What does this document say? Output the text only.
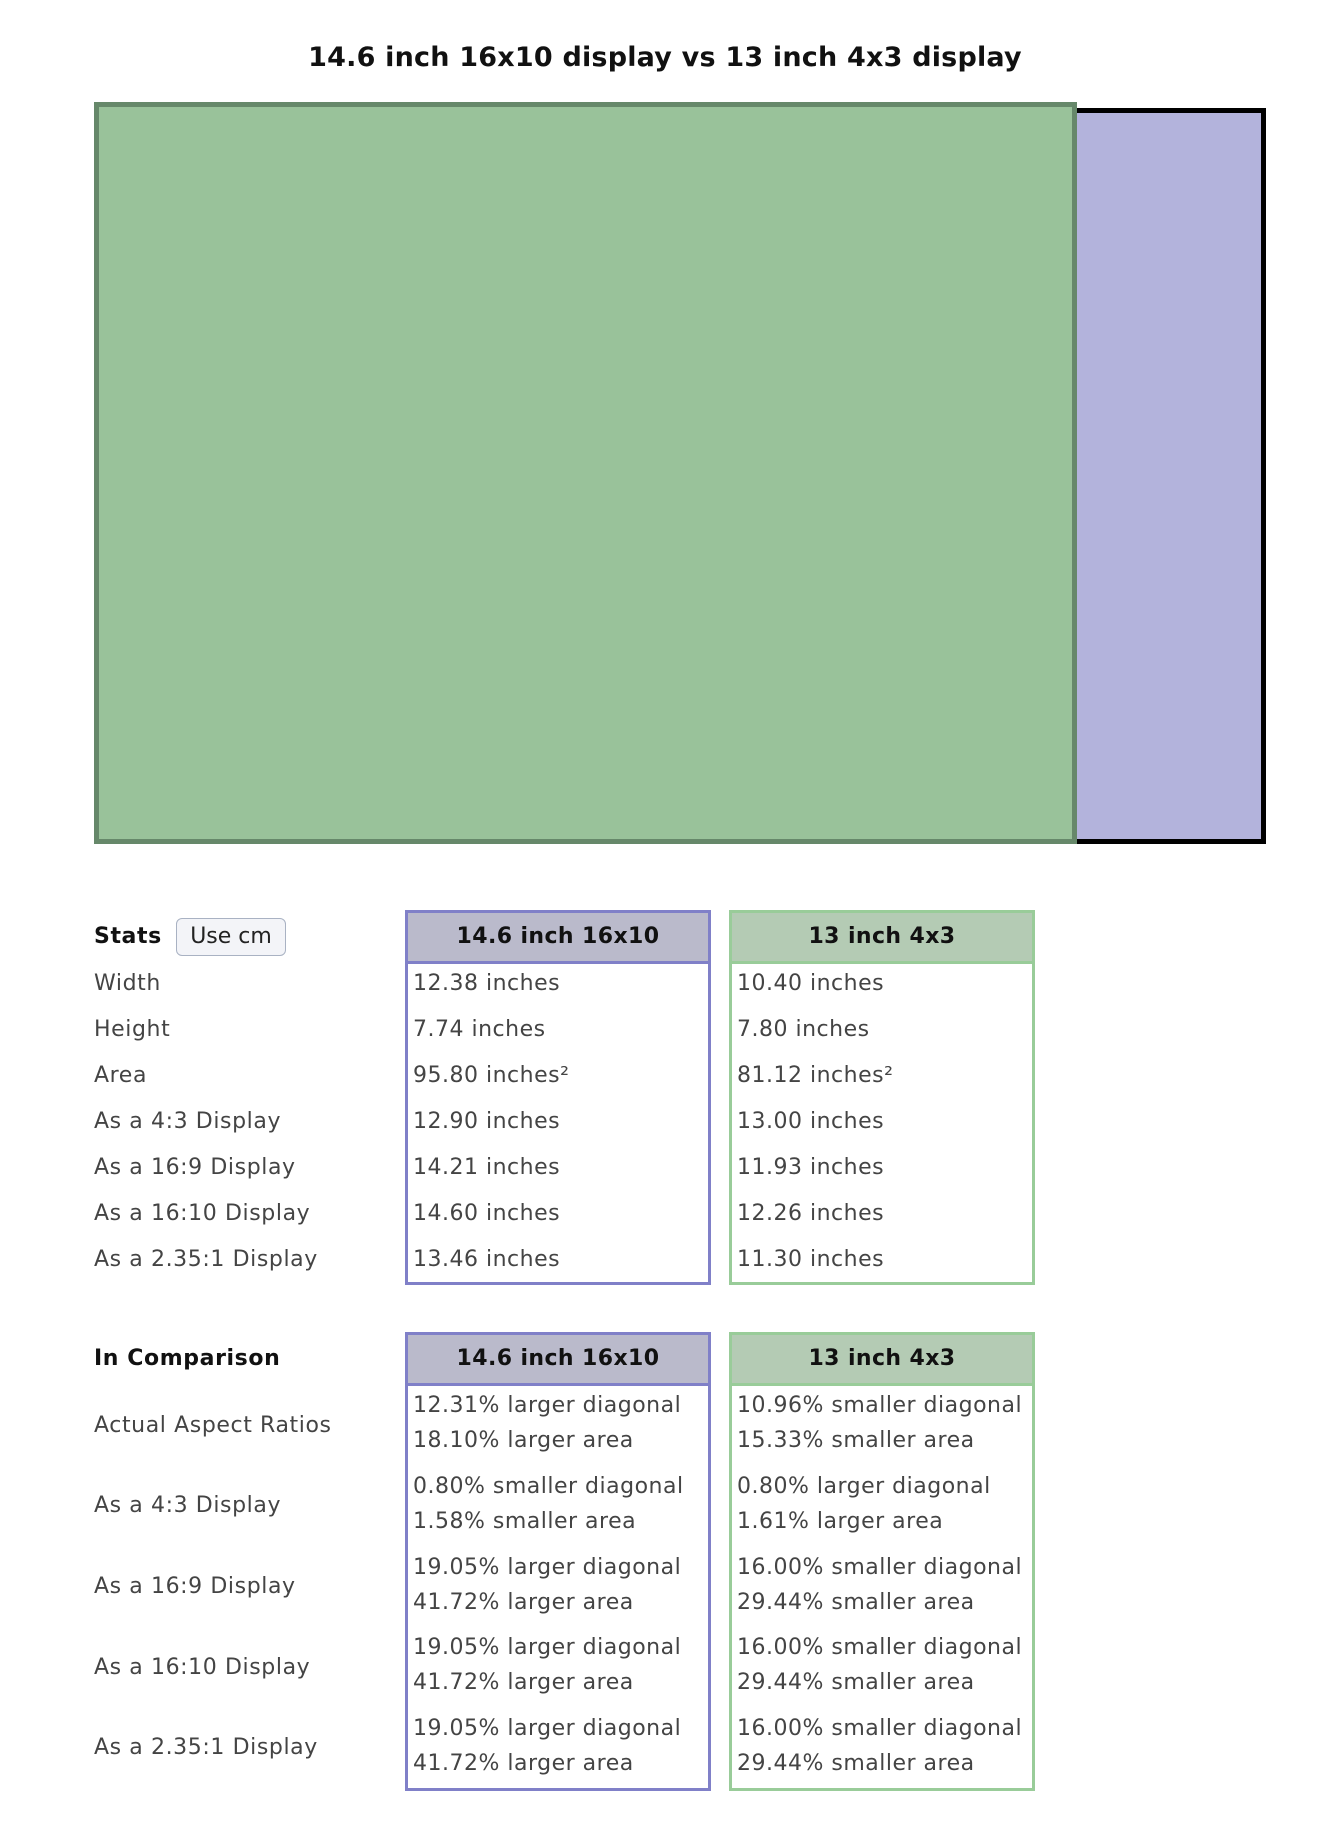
14.6 inch 16x10 display vs 13 inch 4x3 display
Stats	Use cm
Width
Height
Area
As a 4:3 Display
As a 16:9 Display
As a 16:10 Display
As a 2.35:1 Display
14.6 inch 16x10
12.38 inches
7.74 inches
95.80 inches²
12.90 inches
14.21 inches
14.60 inches
13.46 inches
13 inch 4x3
10.40 inches
7.80 inches
81.12 inches²
13.00 inches
11.93 inches
12.26 inches
11.30 inches
In Comparison
Actual Aspect Ratios
As a 4:3 Display
As a 16:9 Display
As a 16:10 Display
As a 2.35:1 Display
14.6 inch 16x10
12.31% larger diagonal
18.10% larger area
0.80% smaller diagonal
1.58% smaller area
19.05% larger diagonal
41.72% larger area
19.05% larger diagonal
41.72% larger area
19.05% larger diagonal
41.72% larger area
13 inch 4x3
10.96% smaller diagonal
15.33% smaller area
0.80% larger diagonal
1.61% larger area
16.00% smaller diagonal
29.44% smaller area
16.00% smaller diagonal
29.44% smaller area
16.00% smaller diagonal
29.44% smaller area
